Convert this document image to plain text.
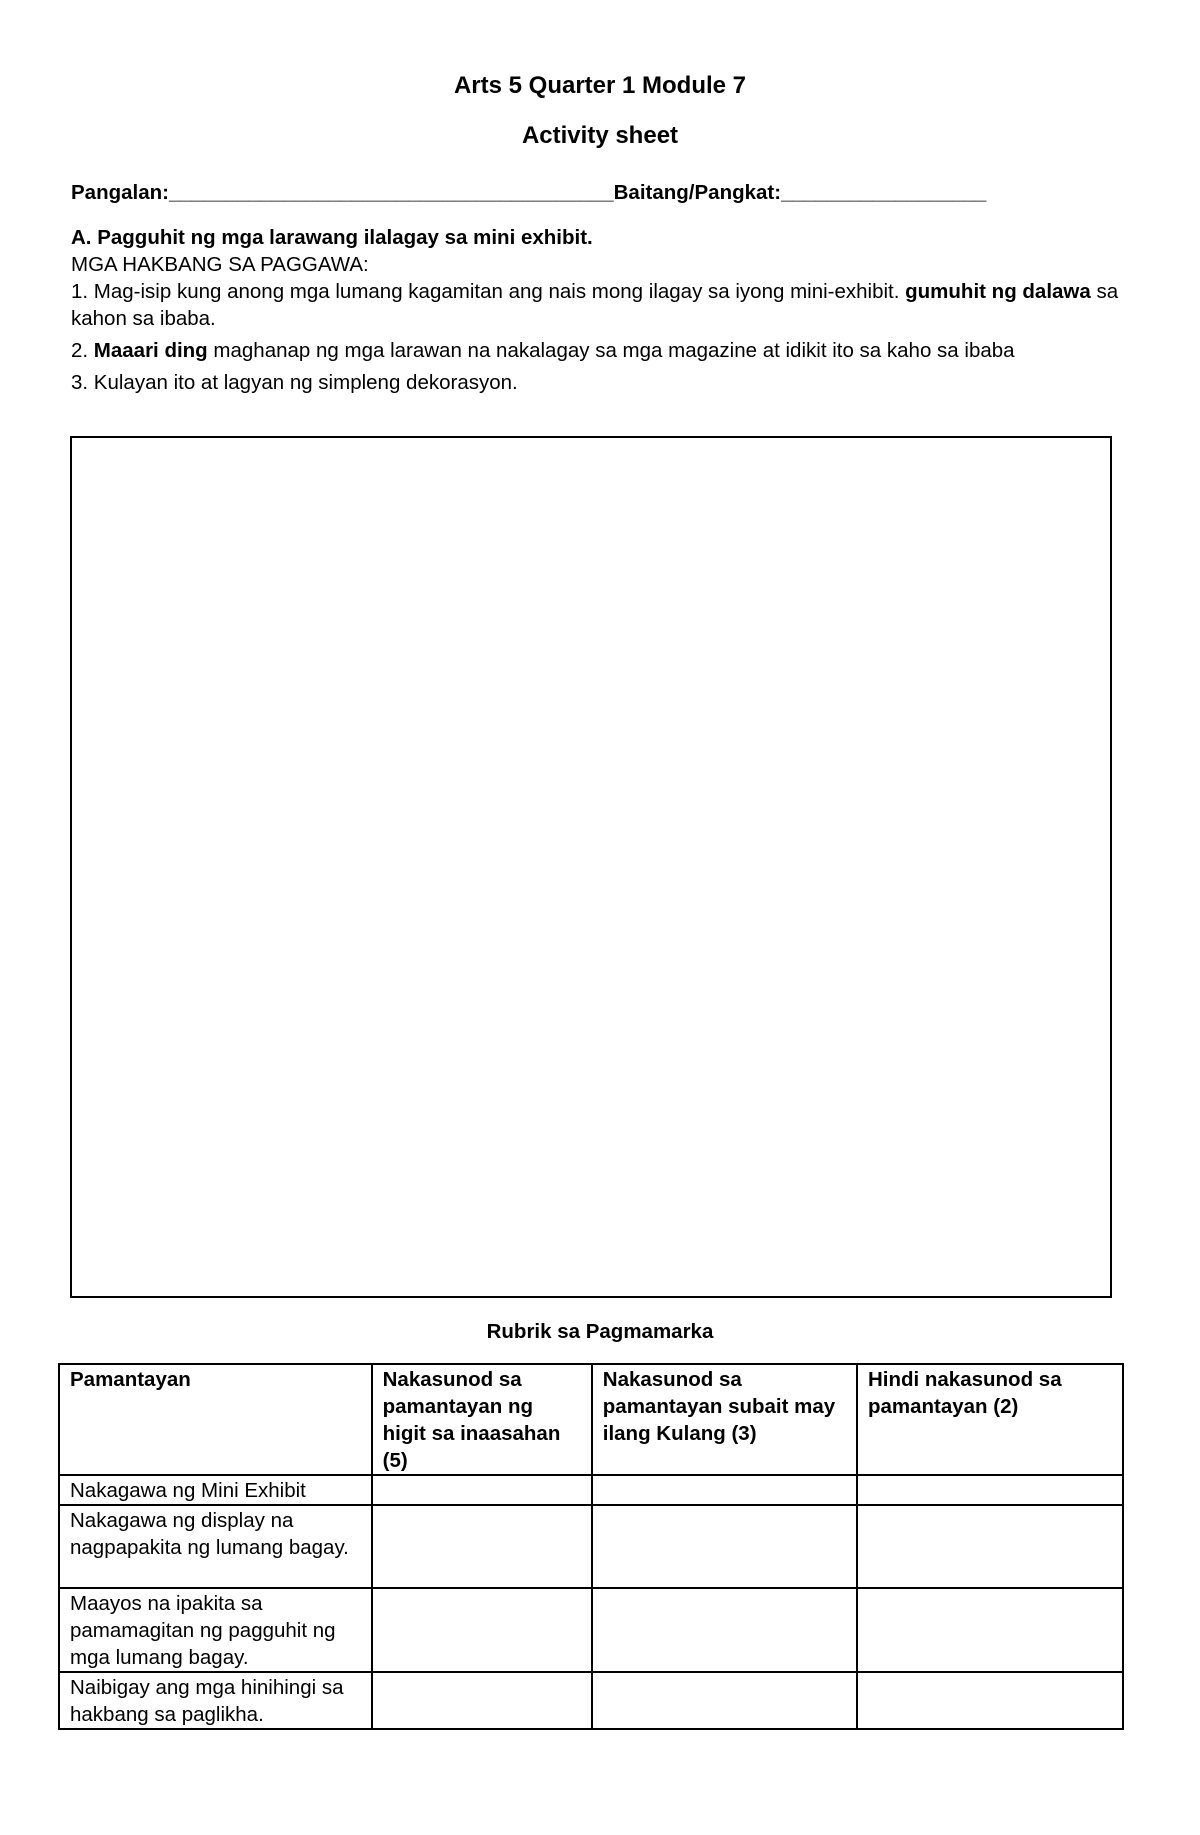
Arts 5 Quarter 1 Module 7
Activity sheet
Pangalan:_______________________________________Baitang/Pangkat:__________________

A. Pagguhit ng mga larawang ilalagay sa mini exhibit.

MGA HAKBANG SA PAGGAWA:

1. Mag-isip kung anong mga lumang kagamitan ang nais mong ilagay sa iyong mini-exhibit. gumuhit ng dalawa sa kahon sa ibaba.

2. Maaari ding maghanap ng mga larawan na nakalagay sa mga magazine at idikit ito sa kaho sa ibaba

3. Kulayan ito at lagyan ng simpleng dekorasyon.

Rubrik sa Pagmamarka
Pamantayan	Nakasunod sa pamantayan ng higit sa inaasahan (5)	Nakasunod sa pamantayan subait may ilang Kulang (3)	Hindi nakasunod sa pamantayan (2)
Nakagawa ng Mini Exhibit			
Nakagawa ng display na nagpapakita ng lumang bagay.			
Maayos na ipakita sa pamamagitan ng pagguhit ng mga lumang bagay.			
Naibigay ang mga hinihingi sa hakbang sa paglikha.			
